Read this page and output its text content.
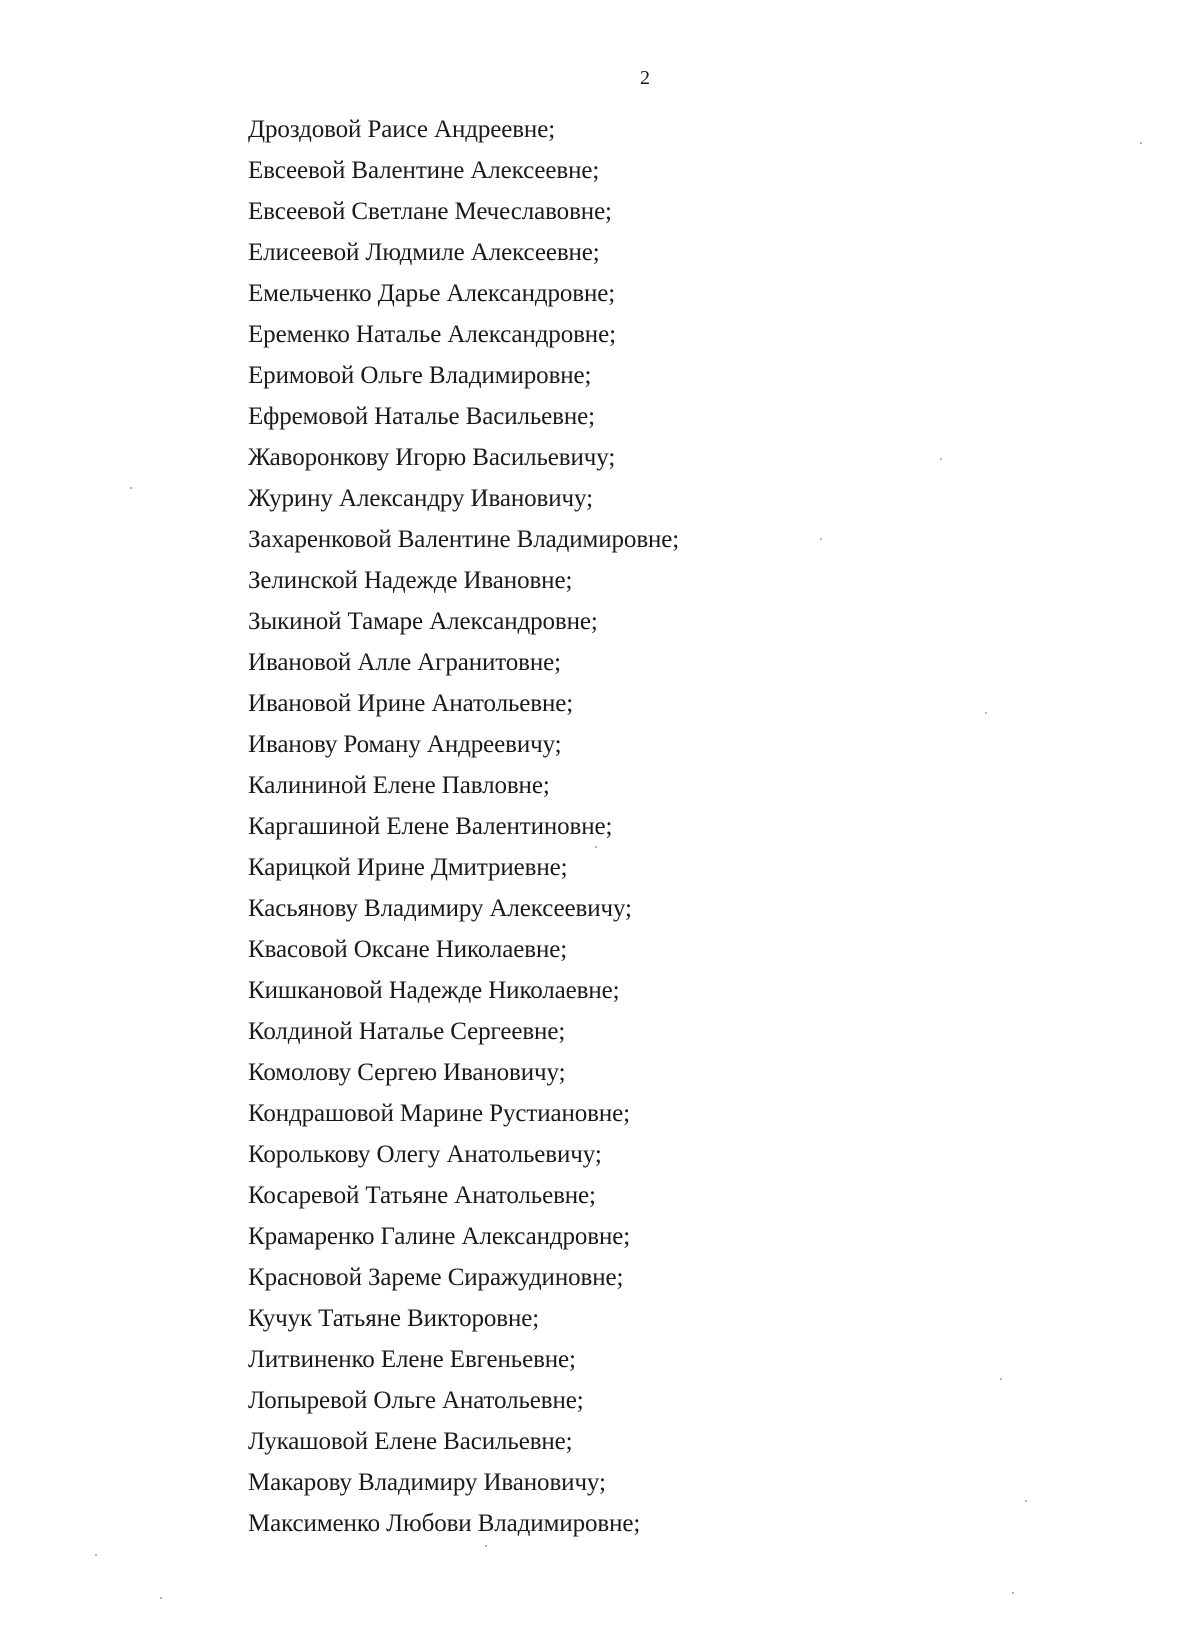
2
Дроздовой Раисе Андреевне;
Евсеевой Валентине Алексеевне;
Евсеевой Светлане Мечеславовне;
Елисеевой Людмиле Алексеевне;
Емельченко Дарье Александровне;
Еременко Наталье Александровне;
Еримовой Ольге Владимировне;
Ефремовой Наталье Васильевне;
Жаворонкову Игорю Васильевичу;
Журину Александру Ивановичу;
Захаренковой Валентине Владимировне;
Зелинской Надежде Ивановне;
Зыкиной Тамаре Александровне;
Ивановой Алле Агранитовне;
Ивановой Ирине Анатольевне;
Иванову Роману Андреевичу;
Калининой Елене Павловне;
Каргашиной Елене Валентиновне;
Карицкой Ирине Дмитриевне;
Касьянову Владимиру Алексеевичу;
Квасовой Оксане Николаевне;
Кишкановой Надежде Николаевне;
Колдиной Наталье Сергеевне;
Комолову Сергею Ивановичу;
Кондрашовой Марине Рустиановне;
Королькову Олегу Анатольевичу;
Косаревой Татьяне Анатольевне;
Крамаренко Галине Александровне;
Красновой Зареме Сиражудиновне;
Кучук Татьяне Викторовне;
Литвиненко Елене Евгеньевне;
Лопыревой Ольге Анатольевне;
Лукашовой Елене Васильевне;
Макарову Владимиру Ивановичу;
Максименко Любови Владимировне;
